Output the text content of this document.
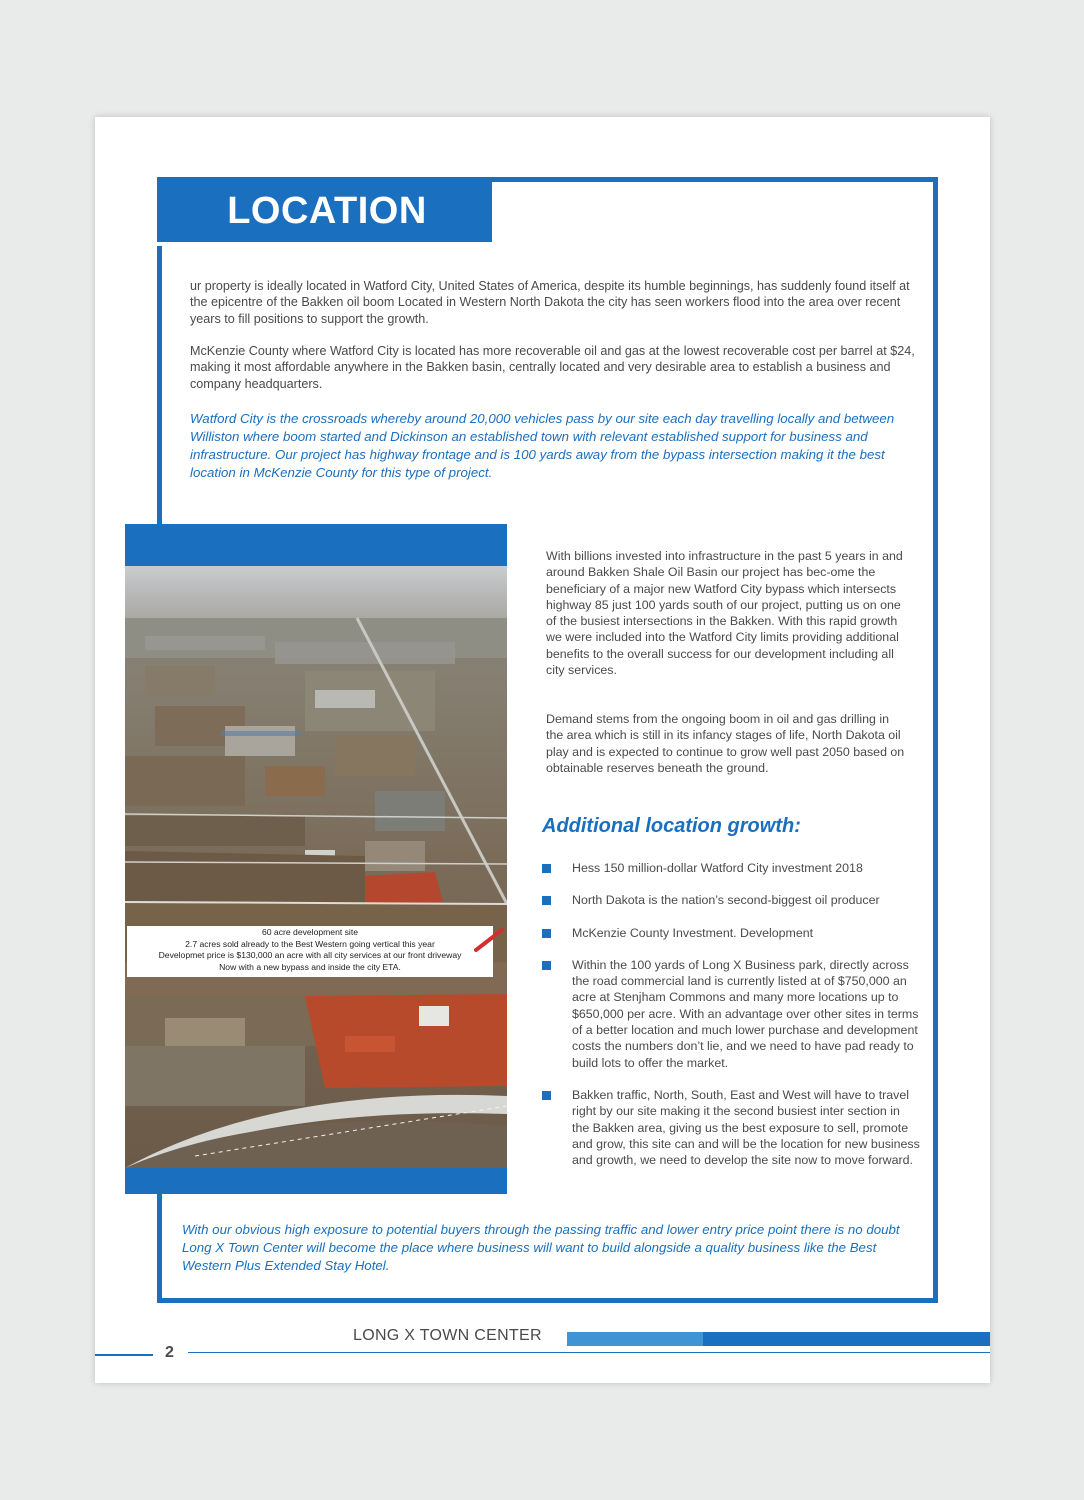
LOCATION

ur property is ideally located in Watford City, United States of America, despite its humble beginnings, has suddenly found itself at the epicentre of the Bakken oil boom Located in Western North Dakota the city has seen workers flood into the area over recent years to fill positions to support the growth.

McKenzie County where Watford City is located has more recoverable oil and gas at the lowest recoverable cost per barrel at $24, making it most affordable anywhere in the Bakken basin, centrally located and very desirable area to establish a business and company headquarters.

Watford City is the crossroads whereby around 20,000 vehicles pass by our site each day travelling locally and between Williston where boom started and Dickinson an established town with relevant established support for business and infrastructure. Our project has highway frontage and is 100 yards away from the bypass intersection making it the best location in McKenzie County for this type of project.

60 acre development site
2.7 acres sold already to the Best Western going vertical this year
Developmet price is $130,000 an acre with all city services at our front driveway
Now with a new bypass and inside the city ETA.

With billions invested into infrastructure in the past 5 years in and around Bakken Shale Oil Basin our project has bec-ome the beneficiary of a major new Watford City bypass which intersects highway 85 just 100 yards south of our project, putting us on one of the busiest intersections in the Bakken. With this rapid growth we were included into the Watford City limits providing additional benefits to the overall success for our development including all city services.

Demand stems from the ongoing boom in oil and gas drilling in the area which is still in its infancy stages of life, North Dakota oil play and is expected to continue to grow well past 2050 based on obtainable reserves beneath the ground.

Additional location growth:
Hess 150 million-dollar Watford City investment 2018
North Dakota is the nation’s second-biggest oil producer
McKenzie County Investment. Development
Within the 100 yards of Long X Business park, directly across the road commercial land is currently listed at of $750,000 an acre at Stenjham Commons and many more locations up to $650,000 per acre. With an advantage over other sites in terms of a better location and much lower purchase and development costs the numbers don’t lie, and we need to have pad ready to build lots to offer the market.
Bakken traffic, North, South, East and West will have to travel right by our site making it the second busiest inter section in the Bakken area, giving us the best exposure to sell, promote and grow, this site can and will be the location for new business and growth, we need to develop the site now to move forward.

With our obvious high exposure to potential buyers through the passing traffic and lower entry price point there is no doubt Long X Town Center will become the place where business will want to build alongside a quality business like the Best Western Plus Extended Stay Hotel.

LONG X TOWN CENTER
2
